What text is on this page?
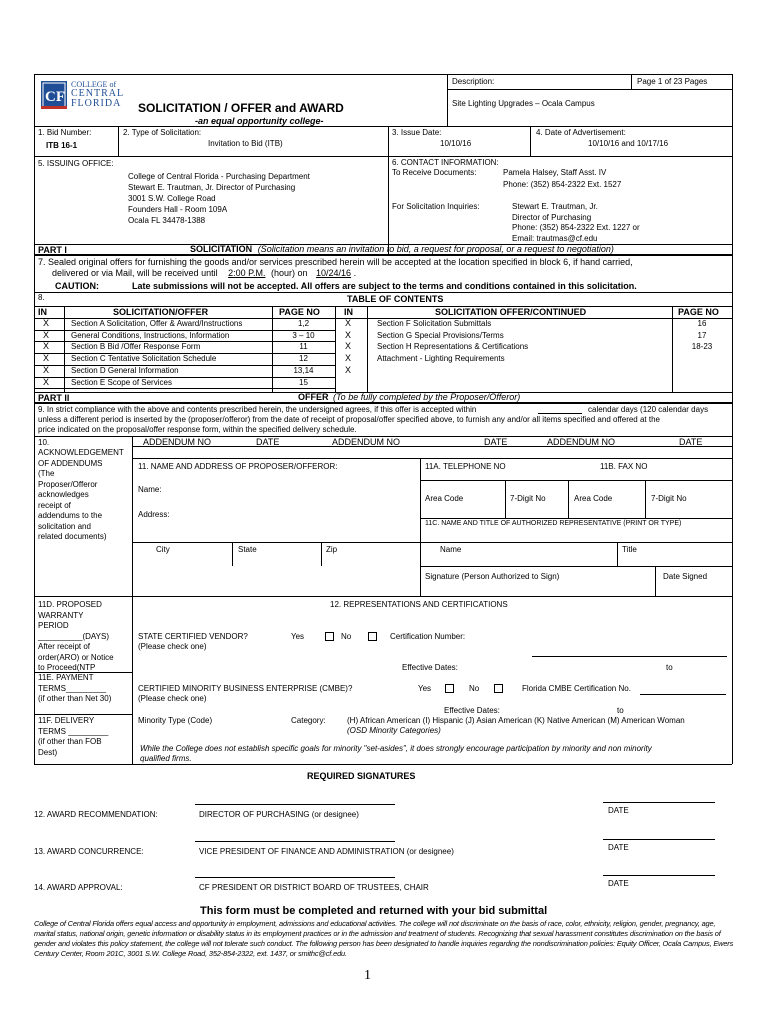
CF
COLLEGE of
CENTRAL
FLORIDA SOLICITATION / OFFER and AWARD
-an equal opportunity college-
Description:	Page 1 of 23 Pages
Site Lighting Upgrades – Ocala Campus
1. Bid Number:
ITB 16-1
2. Type of Solicitation:
Invitation to Bid (ITB)
3. Issue Date:
10/10/16
4. Date of Advertisement:
10/10/16 and 10/17/16
5. ISSUING OFFICE:
College of Central Florida - Purchasing Department
Stewart E. Trautman, Jr. Director of Purchasing
3001 S.W. College Road
Founders Hall - Room 109A
Ocala FL 34478-1388
6. CONTACT INFORMATION:
To Receive Documents:	Pamela Halsey, Staff Asst. IV
Phone: (352) 854-2322 Ext. 1527
For Solicitation Inquiries:	Stewart E. Trautman, Jr.
Director of Purchasing
Phone: (352) 854-2322 Ext. 1227 or
Email: trautmas@cf.edu
PART I	SOLICITATION (Solicitation means an invitation to bid, a request for proposal, or a request to negotiation)
7. Sealed original offers for furnishing the goods and/or services prescribed herein will be accepted at the location specified in block 6, if hand carried,
delivered or via Mail, will be received until 2:00 P.M. (hour) on 10/24/16 .
CAUTION:	Late submissions will not be accepted. All offers are subject to the terms and conditions contained in this solicitation.
8.	TABLE OF CONTENTS
IN	SOLICITATION/OFFER	PAGE NO	IN	SOLICITATION OFFER/CONTINUED	PAGE NO
X	Section A Solicitation, Offer & Award/Instructions	1,2
X	General Conditions, Instructions, Information	3 – 10
X	Section B Bid /Offer Response Form	11
X	Section C Tentative Solicitation Schedule	12
X	Section D General Information	13,14
X	Section E Scope of Services	15
X	Section F Solicitation Submittals	16
X	Section G Special Provisions/Terms	17
X	Section H Representations & Certifications	18-23
X	Attachment - Lighting Requirements
X
PART II	OFFER (To be fully completed by the Proposer/Offeror)
9. In strict compliance with the above and contents prescribed herein, the undersigned agrees, if this offer is accepted within	calendar days (120 calendar days
unless a different period is inserted by the (proposer/offeror) from the date of receipt of proposal/offer specified above, to furnish any and/or all items specified and offered at the
price indicated on the proposal/offer response form, within the specified delivery schedule.
10.
ACKNOWLEDGEMENT
OF ADDENDUMS
(The
Proposer/Offeror
acknowledges
receipt of
addendums to the
solicitation and
related documents)
ADDENDUM NO	DATE	ADDENDUM NO	DATE	ADDENDUM NO	DATE
11. NAME AND ADDRESS OF PROPOSER/OFFEROR:
Name:
Address:
11A. TELEPHONE NO	11B. FAX NO
Area Code	7-Digit No	Area Code	7-Digit No
11C. NAME AND TITLE OF AUTHORIZED REPRESENTATIVE (PRINT OR TYPE)
City	State	Zip	Name	Title
Signature (Person Authorized to Sign)	Date Signed
11D. PROPOSED
WARRANTY
PERIOD
__________(DAYS)
After receipt of
order(ARO) or Notice
to Proceed(NTP
11E. PAYMENT
TERMS_________
(if other than Net 30)
11F. DELIVERY
TERMS _________
(if other than FOB
Dest)
12. REPRESENTATIONS AND CERTIFICATIONS
STATE CERTIFIED VENDOR?
(Please check one)
Yes	No	Certification Number:
Effective Dates:	to
CERTIFIED MINORITY BUSINESS ENTERPRISE (CMBE)?
(Please check one)
Yes	No	Florida CMBE Certification No.
Effective Dates:	to
Minority Type (Code)	Category:	(H) African American (I) Hispanic (J) Asian American (K) Native American (M) American Woman
(OSD Minority Categories)
While the College does not establish specific goals for minority "set-asides", it does strongly encourage participation by minority and non minority
qualified firms.
REQUIRED SIGNATURES
12. AWARD RECOMMENDATION:	DIRECTOR OF PURCHASING (or designee)	DATE
13. AWARD CONCURRENCE:	VICE PRESIDENT OF FINANCE AND ADMINISTRATION (or designee)	DATE
14. AWARD APPROVAL:	CF PRESIDENT OR DISTRICT BOARD OF TRUSTEES, CHAIR	DATE
This form must be completed and returned with your bid submittal
College of Central Florida offers equal access and opportunity in employment, admissions and educational activities. The college will not discriminate on the basis of race, color, ethnicity, religion, gender, pregnancy, age, marital status, national origin, genetic information or disability status in its employment practices or in the admission and treatment of students. Recognizing that sexual harassment constitutes discrimination on the basis of gender and violates this policy statement, the college will not tolerate such conduct. The following person has been designated to handle inquiries regarding the nondiscrimination policies: Equity Officer, Ocala Campus, Ewers Century Center, Room 201C, 3001 S.W. College Road, 352-854-2322, ext. 1437, or smithc@cf.edu.
1
